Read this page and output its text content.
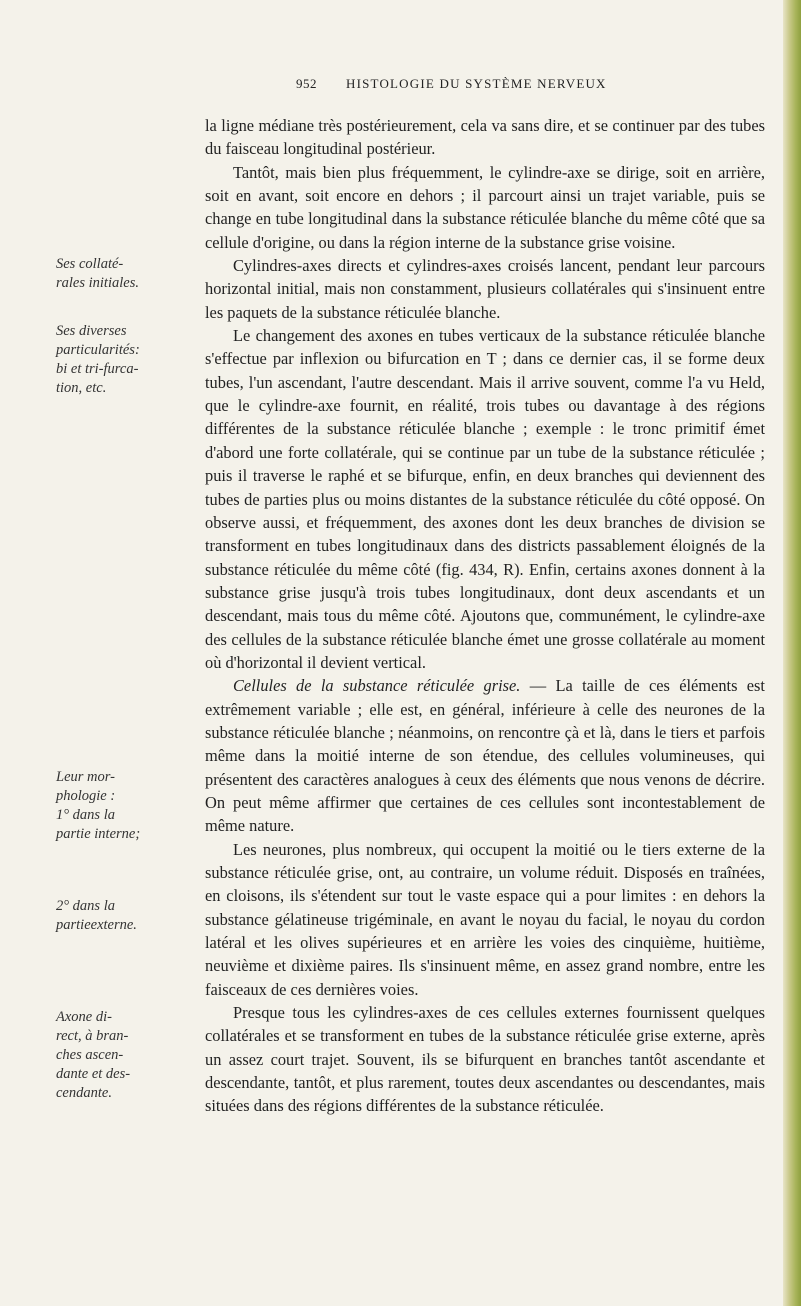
952 HISTOLOGIE DU SYSTÈME NERVEUX
Ses collaté-
rales initiales.
Ses diverses
particularités:
bi et tri-furca-
tion, etc.
Leur mor-
phologie :
1° dans la
partie interne;
2° dans la
partieexterne.
Axone di-
rect, à bran-
ches ascen-
dante et des-
cendante.

la ligne médiane très postérieurement, cela va sans dire, et se continuer par des tubes du faisceau longitudinal postérieur.

Tantôt, mais bien plus fréquemment, le cylindre-axe se dirige, soit en arrière, soit en avant, soit encore en dehors ; il parcourt ainsi un trajet variable, puis se change en tube longitudinal dans la substance réticulée blanche du même côté que sa cellule d'origine, ou dans la région interne de la substance grise voisine.

Cylindres-axes directs et cylindres-axes croisés lancent, pendant leur parcours horizontal initial, mais non constamment, plusieurs collatérales qui s'insinuent entre les paquets de la substance réticulée blanche.

Le changement des axones en tubes verticaux de la substance réticulée blanche s'effectue par inflexion ou bifurcation en T ; dans ce dernier cas, il se forme deux tubes, l'un ascendant, l'autre descendant. Mais il arrive souvent, comme l'a vu Held, que le cylindre-axe fournit, en réalité, trois tubes ou davantage à des régions différentes de la substance réticulée blanche ; exemple : le tronc primitif émet d'abord une forte collatérale, qui se continue par un tube de la substance réticulée ; puis il traverse le raphé et se bifurque, enfin, en deux branches qui deviennent des tubes de parties plus ou moins distantes de la substance réticulée du côté opposé. On observe aussi, et fréquemment, des axones dont les deux branches de division se transforment en tubes longitudinaux dans des districts passablement éloignés de la substance réticulée du même côté (fig. 434, R). Enfin, certains axones donnent à la substance grise jusqu'à trois tubes longitudinaux, dont deux ascendants et un descendant, mais tous du même côté. Ajoutons que, communément, le cylindre-axe des cellules de la substance réticulée blanche émet une grosse collatérale au moment où d'horizontal il devient vertical.

Cellules de la substance réticulée grise. — La taille de ces éléments est extrêmement variable ; elle est, en général, inférieure à celle des neurones de la substance réticulée blanche ; néanmoins, on rencontre çà et là, dans le tiers et parfois même dans la moitié interne de son étendue, des cellules volumineuses, qui présentent des caractères analogues à ceux des éléments que nous venons de décrire. On peut même affirmer que certaines de ces cellules sont incontestablement de même nature.

Les neurones, plus nombreux, qui occupent la moitié ou le tiers externe de la substance réticulée grise, ont, au contraire, un volume réduit. Disposés en traînées, en cloisons, ils s'étendent sur tout le vaste espace qui a pour limites : en dehors la substance gélatineuse trigéminale, en avant le noyau du facial, le noyau du cordon latéral et les olives supérieures et en arrière les voies des cinquième, huitième, neuvième et dixième paires. Ils s'insinuent même, en assez grand nombre, entre les faisceaux de ces dernières voies.

Presque tous les cylindres-axes de ces cellules externes fournissent quelques collatérales et se transforment en tubes de la substance réticulée grise externe, après un assez court trajet. Souvent, ils se bifurquent en branches tantôt ascendante et descendante, tantôt, et plus rarement, toutes deux ascendantes ou descendantes, mais situées dans des régions différentes de la substance réticulée.
